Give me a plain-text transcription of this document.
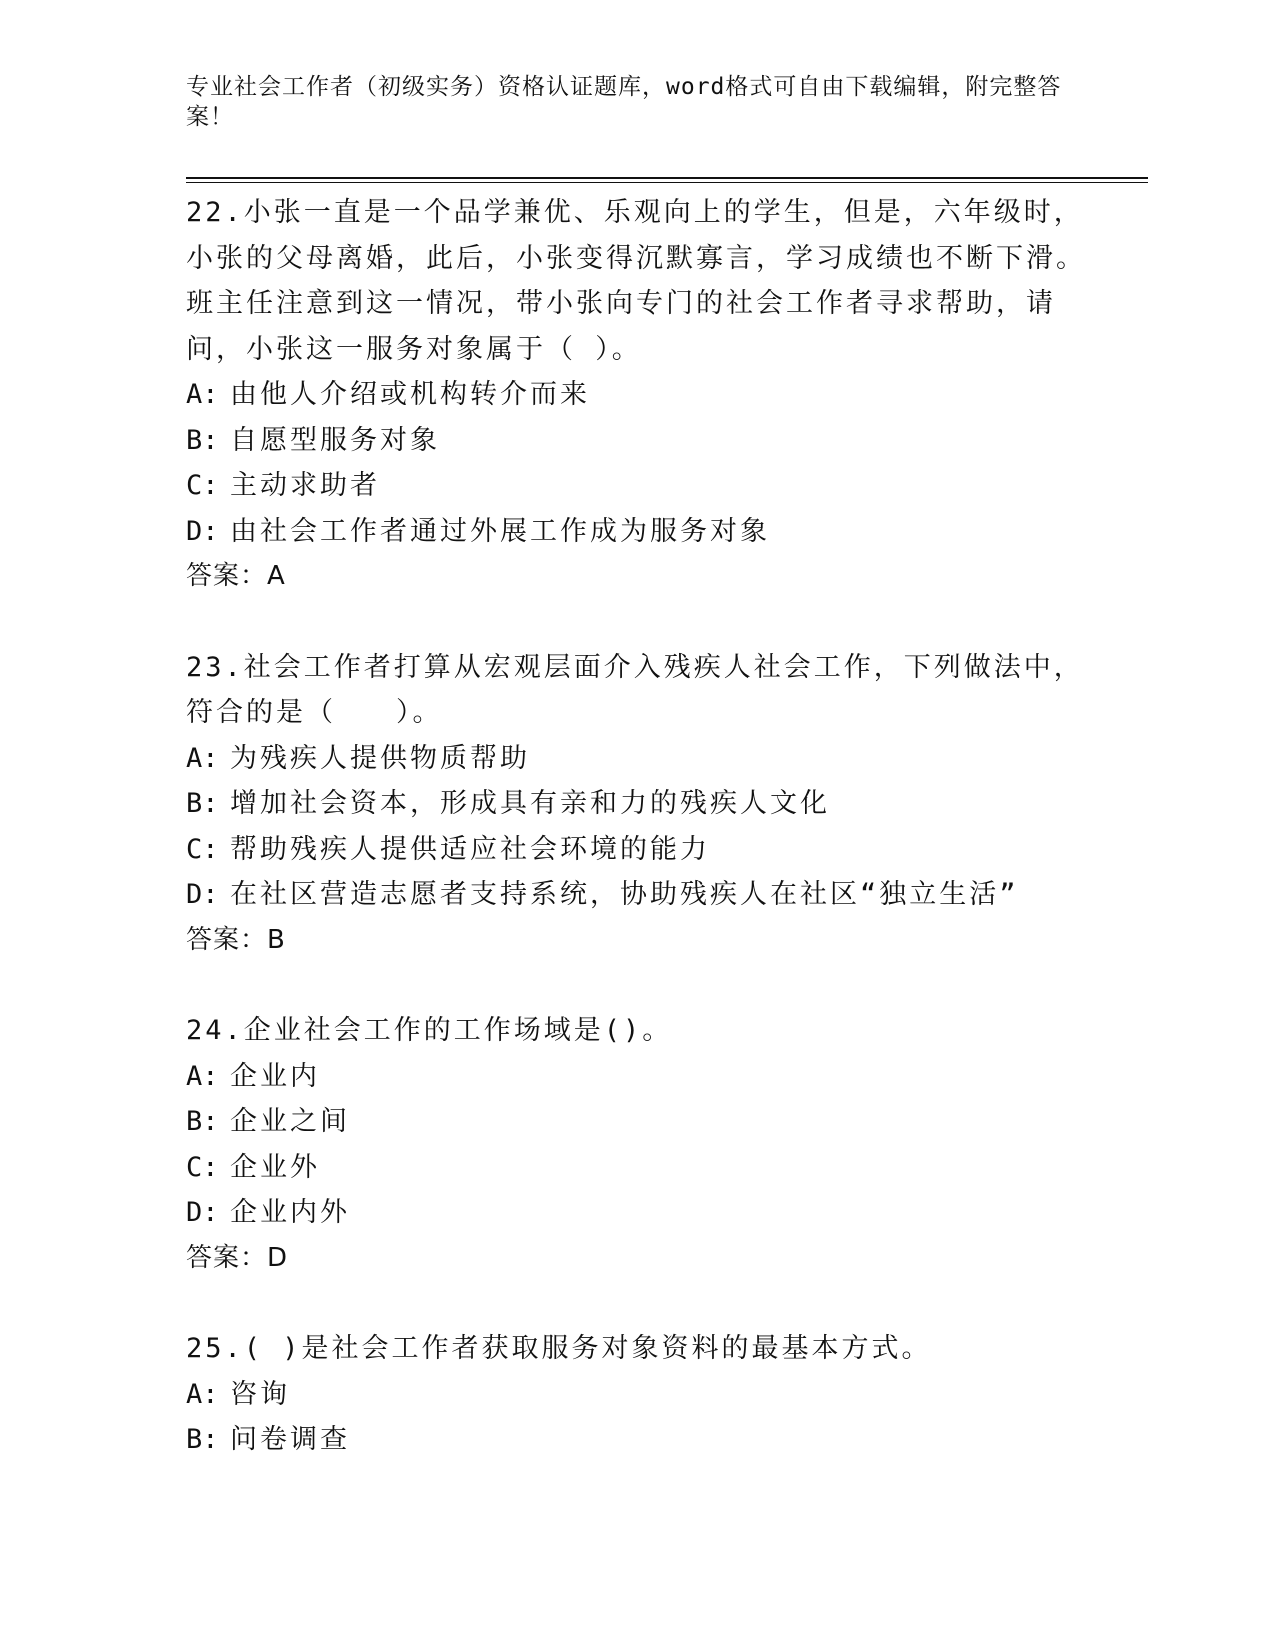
专业社会工作者（初级实务）资格认证题库，word格式可自由下载编辑，附完整答案！

22.小张一直是一个品学兼优、乐观向上的学生，但是，六年级时，小张的父母离婚，此后，小张变得沉默寡言，学习成绩也不断下滑。班主任注意到这一情况，带小张向专门的社会工作者寻求帮助，请问，小张这一服务对象属于（ ）。

A: 由他人介绍或机构转介而来

B: 自愿型服务对象

C: 主动求助者

D: 由社会工作者通过外展工作成为服务对象

答案：A

23.社会工作者打算从宏观层面介入残疾人社会工作，下列做法中，符合的是（　　）。

A: 为残疾人提供物质帮助

B: 增加社会资本，形成具有亲和力的残疾人文化

C: 帮助残疾人提供适应社会环境的能力

D: 在社区营造志愿者支持系统，协助残疾人在社区“独立生活”

答案：B

24.企业社会工作的工作场域是()。

A: 企业内

B: 企业之间

C: 企业外

D: 企业内外

答案：D

25.( )是社会工作者获取服务对象资料的最基本方式。

A: 咨询

B: 问卷调查
